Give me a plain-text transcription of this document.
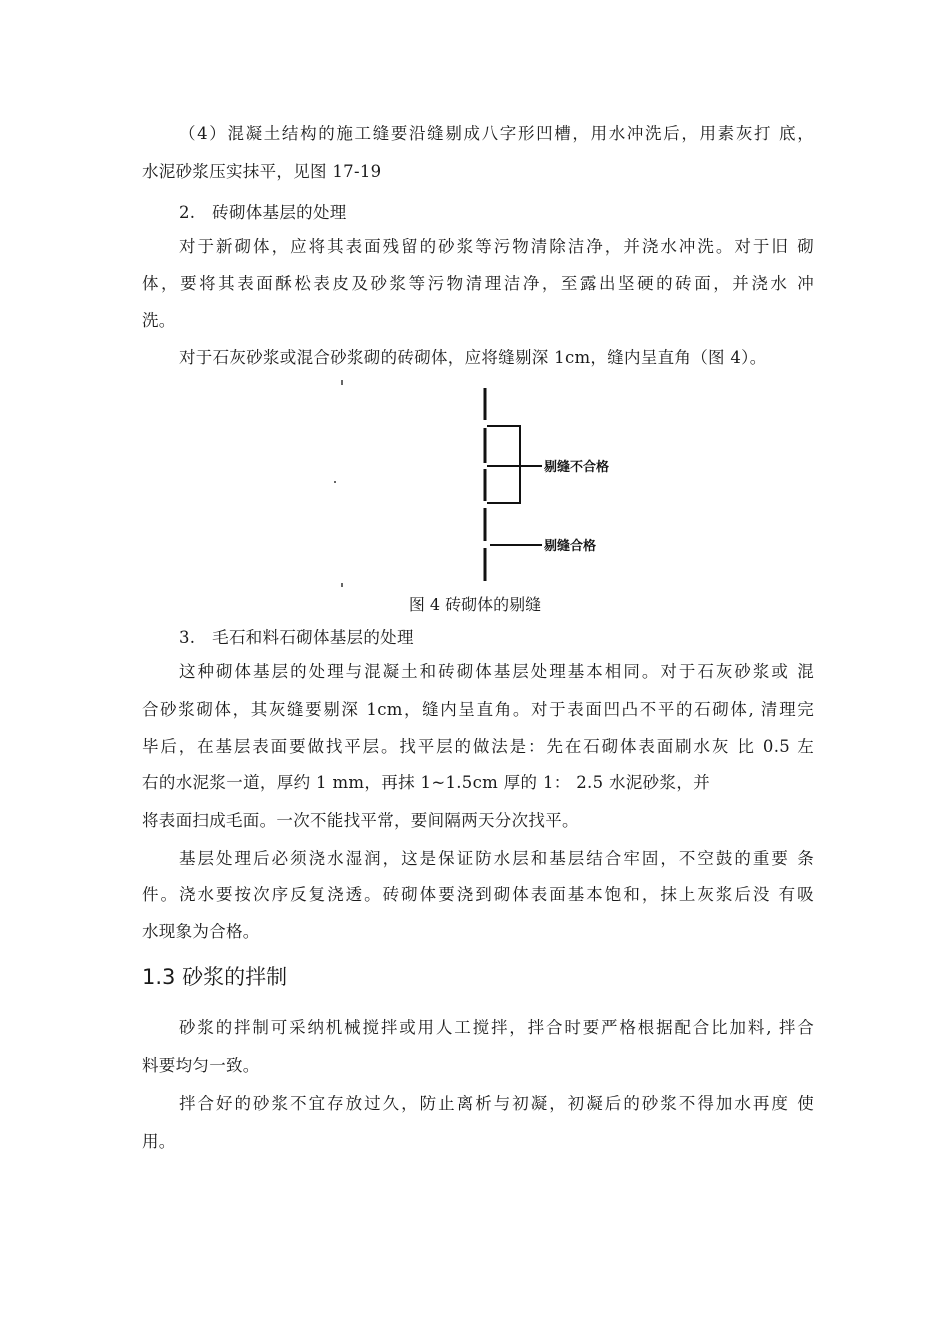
（4）混凝土结构的施工缝要沿缝剔成八字形凹槽，用水冲洗后，用素灰打 底，
水泥砂浆压实抹平，见图 17-19
2.　砖砌体基层的处理
对于新砌体，应将其表面残留的砂浆等污物清除洁净，并浇水冲洗。对于旧 砌
体，要将其表面酥松表皮及砂浆等污物清理洁净，至露出坚硬的砖面，并浇水 冲
洗。
对于石灰砂浆或混合砂浆砌的砖砌体，应将缝剔深 1cm，缝内呈直角（图 4）。
剔缝不合格
剔缝合格
图 4 砖砌体的剔缝
3.　毛石和料石砌体基层的处理
这种砌体基层的处理与混凝土和砖砌体基层处理基本相同。对于石灰砂浆或 混
合砂浆砌体，其灰缝要剔深 1cm，缝内呈直角。对于表面凹凸不平的石砌体, 清理完
毕后，在基层表面要做找平层。找平层的做法是：先在石砌体表面刷水灰 比 0.5 左
右的水泥浆一道，厚约 1 mm，再抹 1~1.5cm 厚的 1： 2.5 水泥砂浆，并
将表面扫成毛面。一次不能找平常，要间隔两天分次找平。
基层处理后必须浇水湿润，这是保证防水层和基层结合牢固，不空鼓的重要 条
件。浇水要按次序反复浇透。砖砌体要浇到砌体表面基本饱和，抹上灰浆后没 有吸
水现象为合格。
1.3 砂浆的拌制
砂浆的拌制可采纳机械搅拌或用人工搅拌，拌合时要严格根据配合比加料, 拌合
料要均匀一致。
拌合好的砂浆不宜存放过久，防止离析与初凝，初凝后的砂浆不得加水再度 使
用。
